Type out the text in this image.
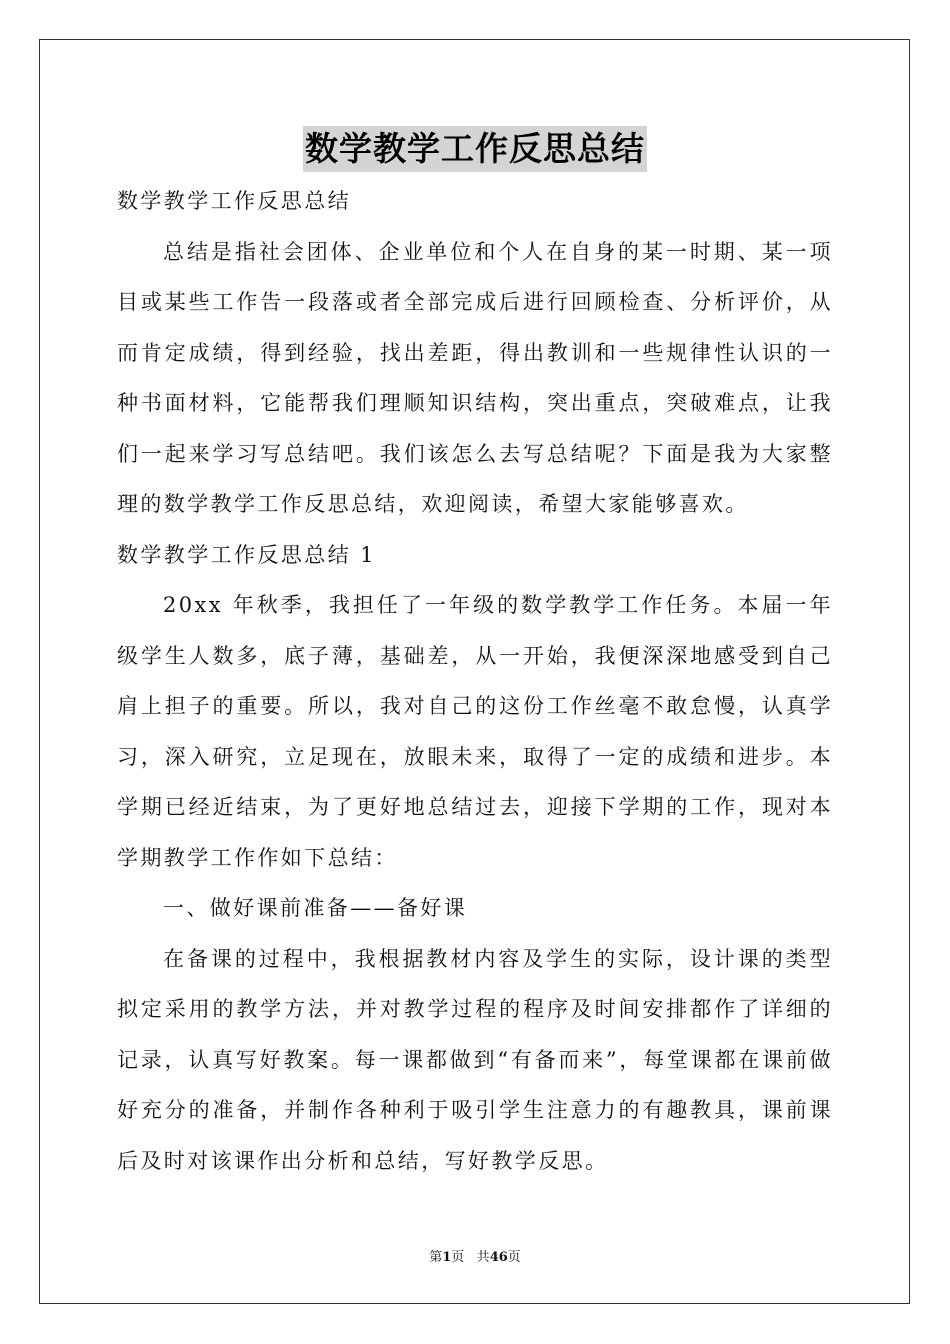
数学教学工作反思总结

数学教学工作反思总结

总结是指社会团体、企业单位和个人在自身的某一时期、某一项目或某些工作告一段落或者全部完成后进行回顾检查、分析评价，从而肯定成绩，得到经验，找出差距，得出教训和一些规律性认识的一种书面材料，它能帮我们理顺知识结构，突出重点，突破难点，让我们一起来学习写总结吧。我们该怎么去写总结呢？下面是我为大家整理的数学教学工作反思总结，欢迎阅读，希望大家能够喜欢。

数学教学工作反思总结 1

20xx 年秋季，我担任了一年级的数学教学工作任务。本届一年级学生人数多，底子薄，基础差，从一开始，我便深深地感受到自己肩上担子的重要。所以，我对自己的这份工作丝毫不敢怠慢，认真学习，深入研究，立足现在，放眼未来，取得了一定的成绩和进步。本学期已经近结束，为了更好地总结过去，迎接下学期的工作，现对本学期教学工作作如下总结：

一、做好课前准备——备好课

在备课的过程中，我根据教材内容及学生的实际，设计课的类型拟定采用的教学方法，并对教学过程的程序及时间安排都作了详细的记录，认真写好教案。每一课都做到“有备而来”，每堂课都在课前做好充分的准备，并制作各种利于吸引学生注意力的有趣教具，课前课后及时对该课作出分析和总结，写好教学反思。

第1页 共46页
